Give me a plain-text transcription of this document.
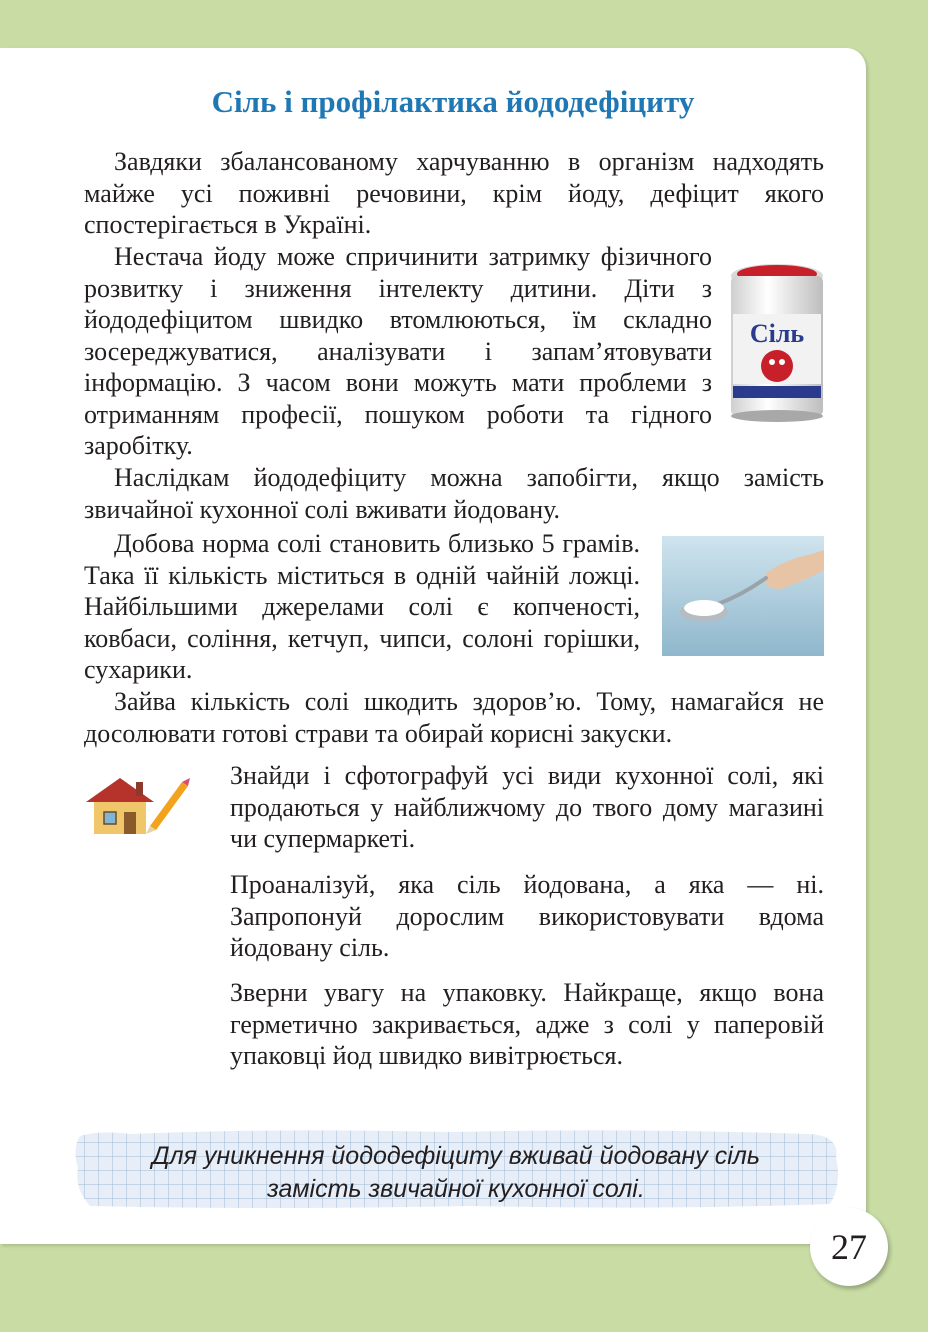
Сіль і профілактика йододефіциту

Завдяки збалансованому харчуванню в організм надходять майже усі поживні речовини, крім йоду, дефіцит якого спостерігається в Україні.

Нестача йоду може спричинити затримку фізичного розвитку і зниження інтелекту дитини. Діти з йододефіцитом швидко втомлюються, їм складно зосереджуватися, аналізувати і запам’ятовувати інформацію. З часом вони можуть мати проблеми з отриманням професії, пошуком роботи та гідного заробітку.

Сіль

Наслідкам йододефіциту можна запобігти, якщо замість звичайної кухонної солі вживати йодовану.

Добова норма солі становить близько 5 грамів. Така її кількість міститься в одній чайній ложці. Найбільшими джерелами солі є копченості, ковбаси, соління, кетчуп, чипси, солоні горішки, сухарики.

Зайва кількість солі шкодить здоров’ю. Тому, намагайся не досолювати готові страви та обирай корисні закуски.

Знайди і сфотографуй усі види кухонної солі, які продаються у найближчому до твого дому магазині чи супермаркеті.

Проаналізуй, яка сіль йодована, а яка — ні. Запропонуй дорослим використовувати вдома йодовану сіль.

Зверни увагу на упаковку. Найкраще, якщо вона герметично закривається, адже з солі у паперовій упаковці йод швидко вивітрюється.

Для уникнення йододефіциту вживай йодовану сіль
замість звичайної кухонної солі.

27
